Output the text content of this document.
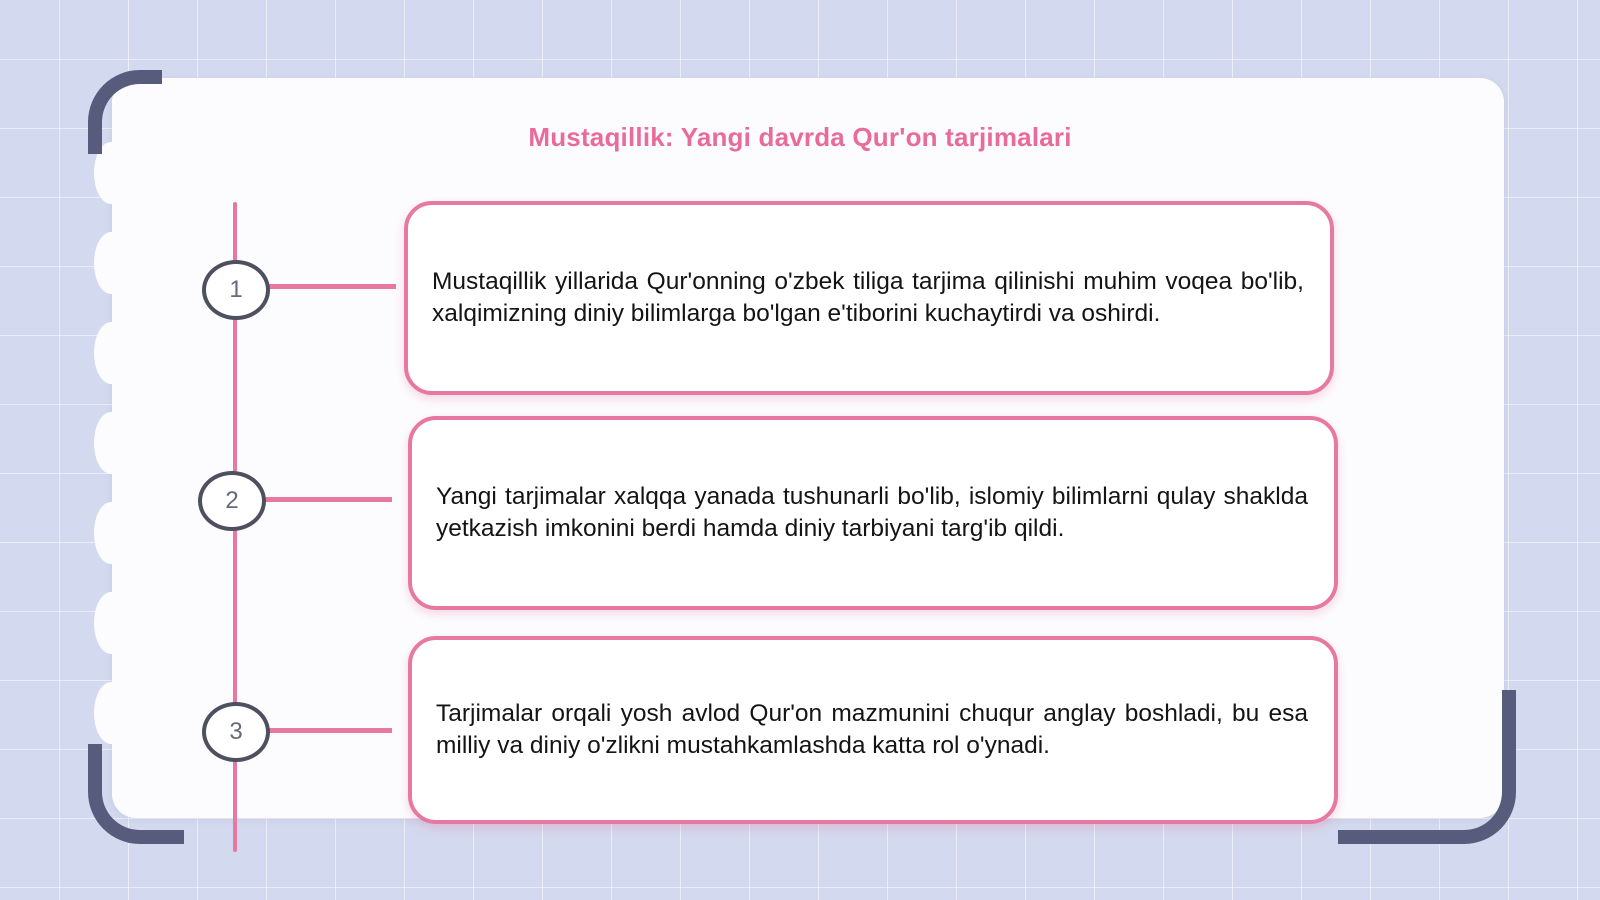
Mustaqillik: Yangi davrda Qur'on tarjimalari
1
2
3

Mustaqillik yillarida Qur'onning o'zbek tiliga tarjima qilinishi muhim voqea bo'lib, xalqimizning diniy bilimlarga bo'lgan e'tiborini kuchaytirdi va oshirdi.

Yangi tarjimalar xalqqa yanada tushunarli bo'lib, islomiy bilimlarni qulay shaklda yetkazish imkonini berdi hamda diniy tarbiyani targ'ib qildi.

Tarjimalar orqali yosh avlod Qur'on mazmunini chuqur anglay boshladi, bu esa milliy va diniy o'zlikni mustahkamlashda katta rol o'ynadi.
